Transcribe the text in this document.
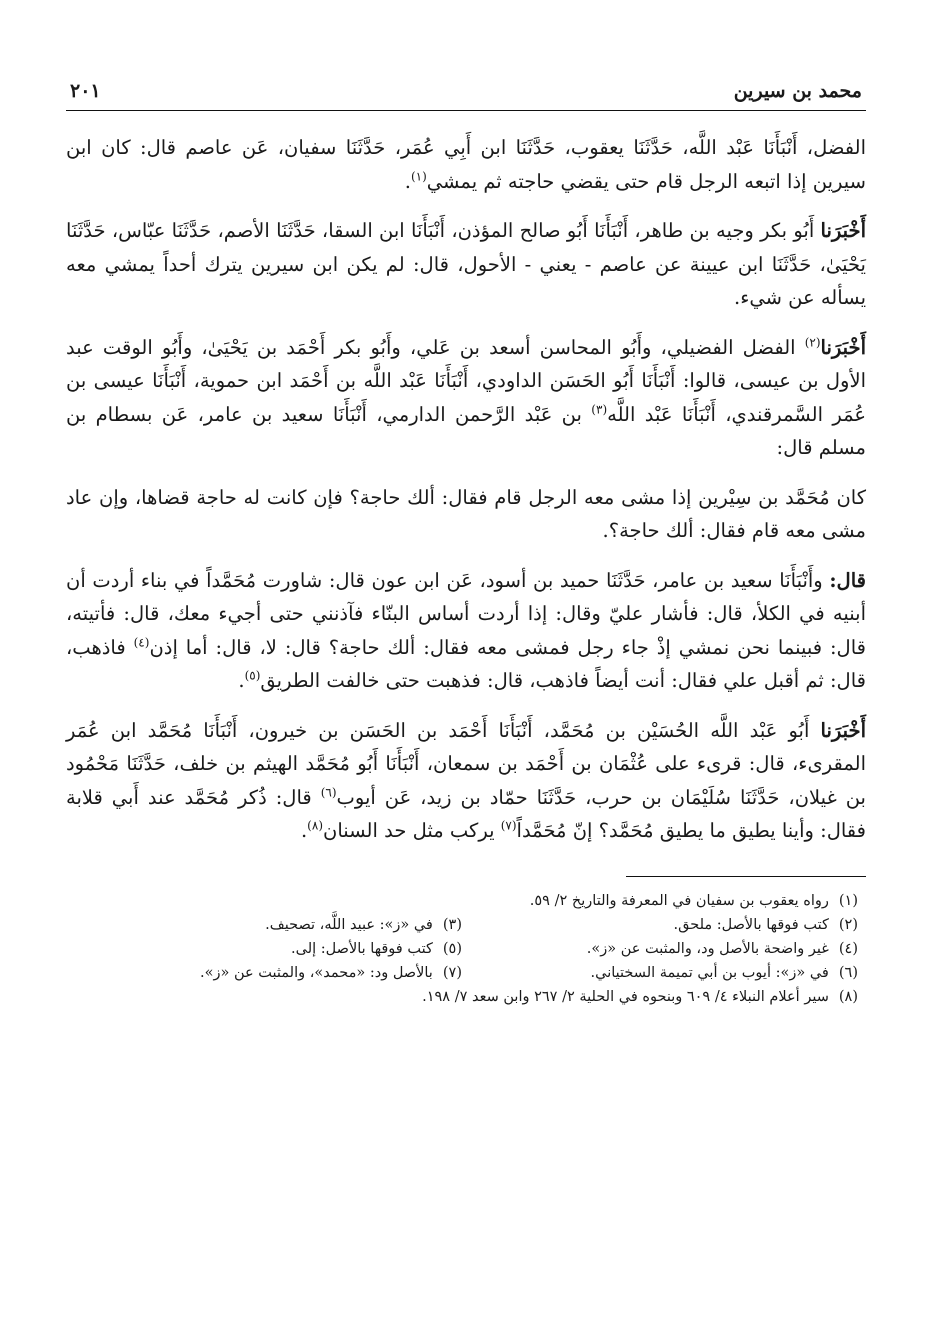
محمد بن سيرين
٢٠١

الفضل، أَنْبَأَنَا عَبْد اللَّه، حَدَّثَنَا يعقوب، حَدَّثَنَا ابن أَبِي عُمَر، حَدَّثَنَا سفيان، عَن عاصم قال: كان ابن سيرين إذا اتبعه الرجل قام حتى يقضي حاجته ثم يمشي$^{(١)}$.

أَخْبَرَنا أَبُو بكر وجيه بن طاهر، أَنْبَأَنَا أَبُو صالح المؤذن، أَنْبَأَنَا ابن السقا، حَدَّثَنَا الأصم، حَدَّثَنَا عبّاس، حَدَّثَنَا يَحْيَىٰ، حَدَّثَنَا ابن عيينة عن عاصم - يعني - الأحول، قال: لم يكن ابن سيرين يترك أحداً يمشي معه يسأله عن شيء.

أَخْبَرَنا$^{(٢)}$ الفضل الفضيلي، وأَبُو المحاسن أسعد بن عَلي، وأَبُو بكر أَحْمَد بن يَحْيَىٰ، وأَبُو الوقت عبد الأول بن عيسى، قالوا: أَنْبَأَنَا أَبُو الحَسَن الداودي، أَنْبَأَنَا عَبْد اللَّه بن أَحْمَد ابن حموية، أَنْبَأَنَا عيسى بن عُمَر السَّمرقندي، أَنْبَأَنَا عَبْد اللَّه$^{(٣)}$ بن عَبْد الرَّحمن الدارمي، أَنْبَأَنَا سعيد بن عامر، عَن بسطام بن مسلم قال:

كان مُحَمَّد بن سِيْرين إذا مشى معه الرجل قام فقال: ألك حاجة؟ فإن كانت له حاجة قضاها، وإن عاد مشى معه قام فقال: ألك حاجة؟.

قال: وأَنْبَأَنَا سعيد بن عامر، حَدَّثَنَا حميد بن أسود، عَن ابن عون قال: شاورت مُحَمَّداً في بناء أردت أن أبنيه في الكلأ، قال: فأشار عليّ وقال: إذا أردت أساس البنّاء فآذنني حتى أجيء معك، قال: فأتيته، قال: فبينما نحن نمشي إذْ جاء رجل فمشى معه فقال: ألك حاجة؟ قال: لا، قال: أما إذن$^{(٤)}$ فاذهب، قال: ثم أقبل علي فقال: أنت أيضاً فاذهب، قال: فذهبت حتى خالفت الطريق$^{(٥)}$.

أَخْبَرَنا أَبُو عَبْد اللَّه الحُسَيْن بن مُحَمَّد، أَنْبَأَنَا أَحْمَد بن الحَسَن بن خيرون، أَنْبَأَنَا مُحَمَّد ابن عُمَر المقرىء، قال: قرىء على عُثْمَان بن أَحْمَد بن سمعان، أَنْبَأَنَا أَبُو مُحَمَّد الهيثم بن خلف، حَدَّثَنَا مَحْمُود بن غيلان، حَدَّثَنَا سُلَيْمَان بن حرب، حَدَّثَنَا حمّاد بن زيد، عَن أيوب$^{(٦)}$ قال: ذُكر مُحَمَّد عند أَبي قلابة فقال: وأينا يطيق ما يطيق مُحَمَّد؟ إنّ مُحَمَّداً$^{(٧)}$ يركب مثل حد السنان$^{(٨)}$.

(١)رواه يعقوب بن سفيان في المعرفة والتاريخ ٢/ ٥٩.
(٢)كتب فوقها بالأصل: ملحق.
(٣)في «ز»: عبيد اللَّه، تصحيف.
(٤)غير واضحة بالأصل ود، والمثبت عن «ز».
(٥)كتب فوقها بالأصل: إلى.
(٦)في «ز»: أيوب بن أبي تميمة السختياني.
(٧)بالأصل ود: «محمد»، والمثبت عن «ز».
(٨)سير أعلام النبلاء ٤/ ٦٠٩ وبنحوه في الحلية ٢/ ٢٦٧ وابن سعد ٧/ ١٩٨.
